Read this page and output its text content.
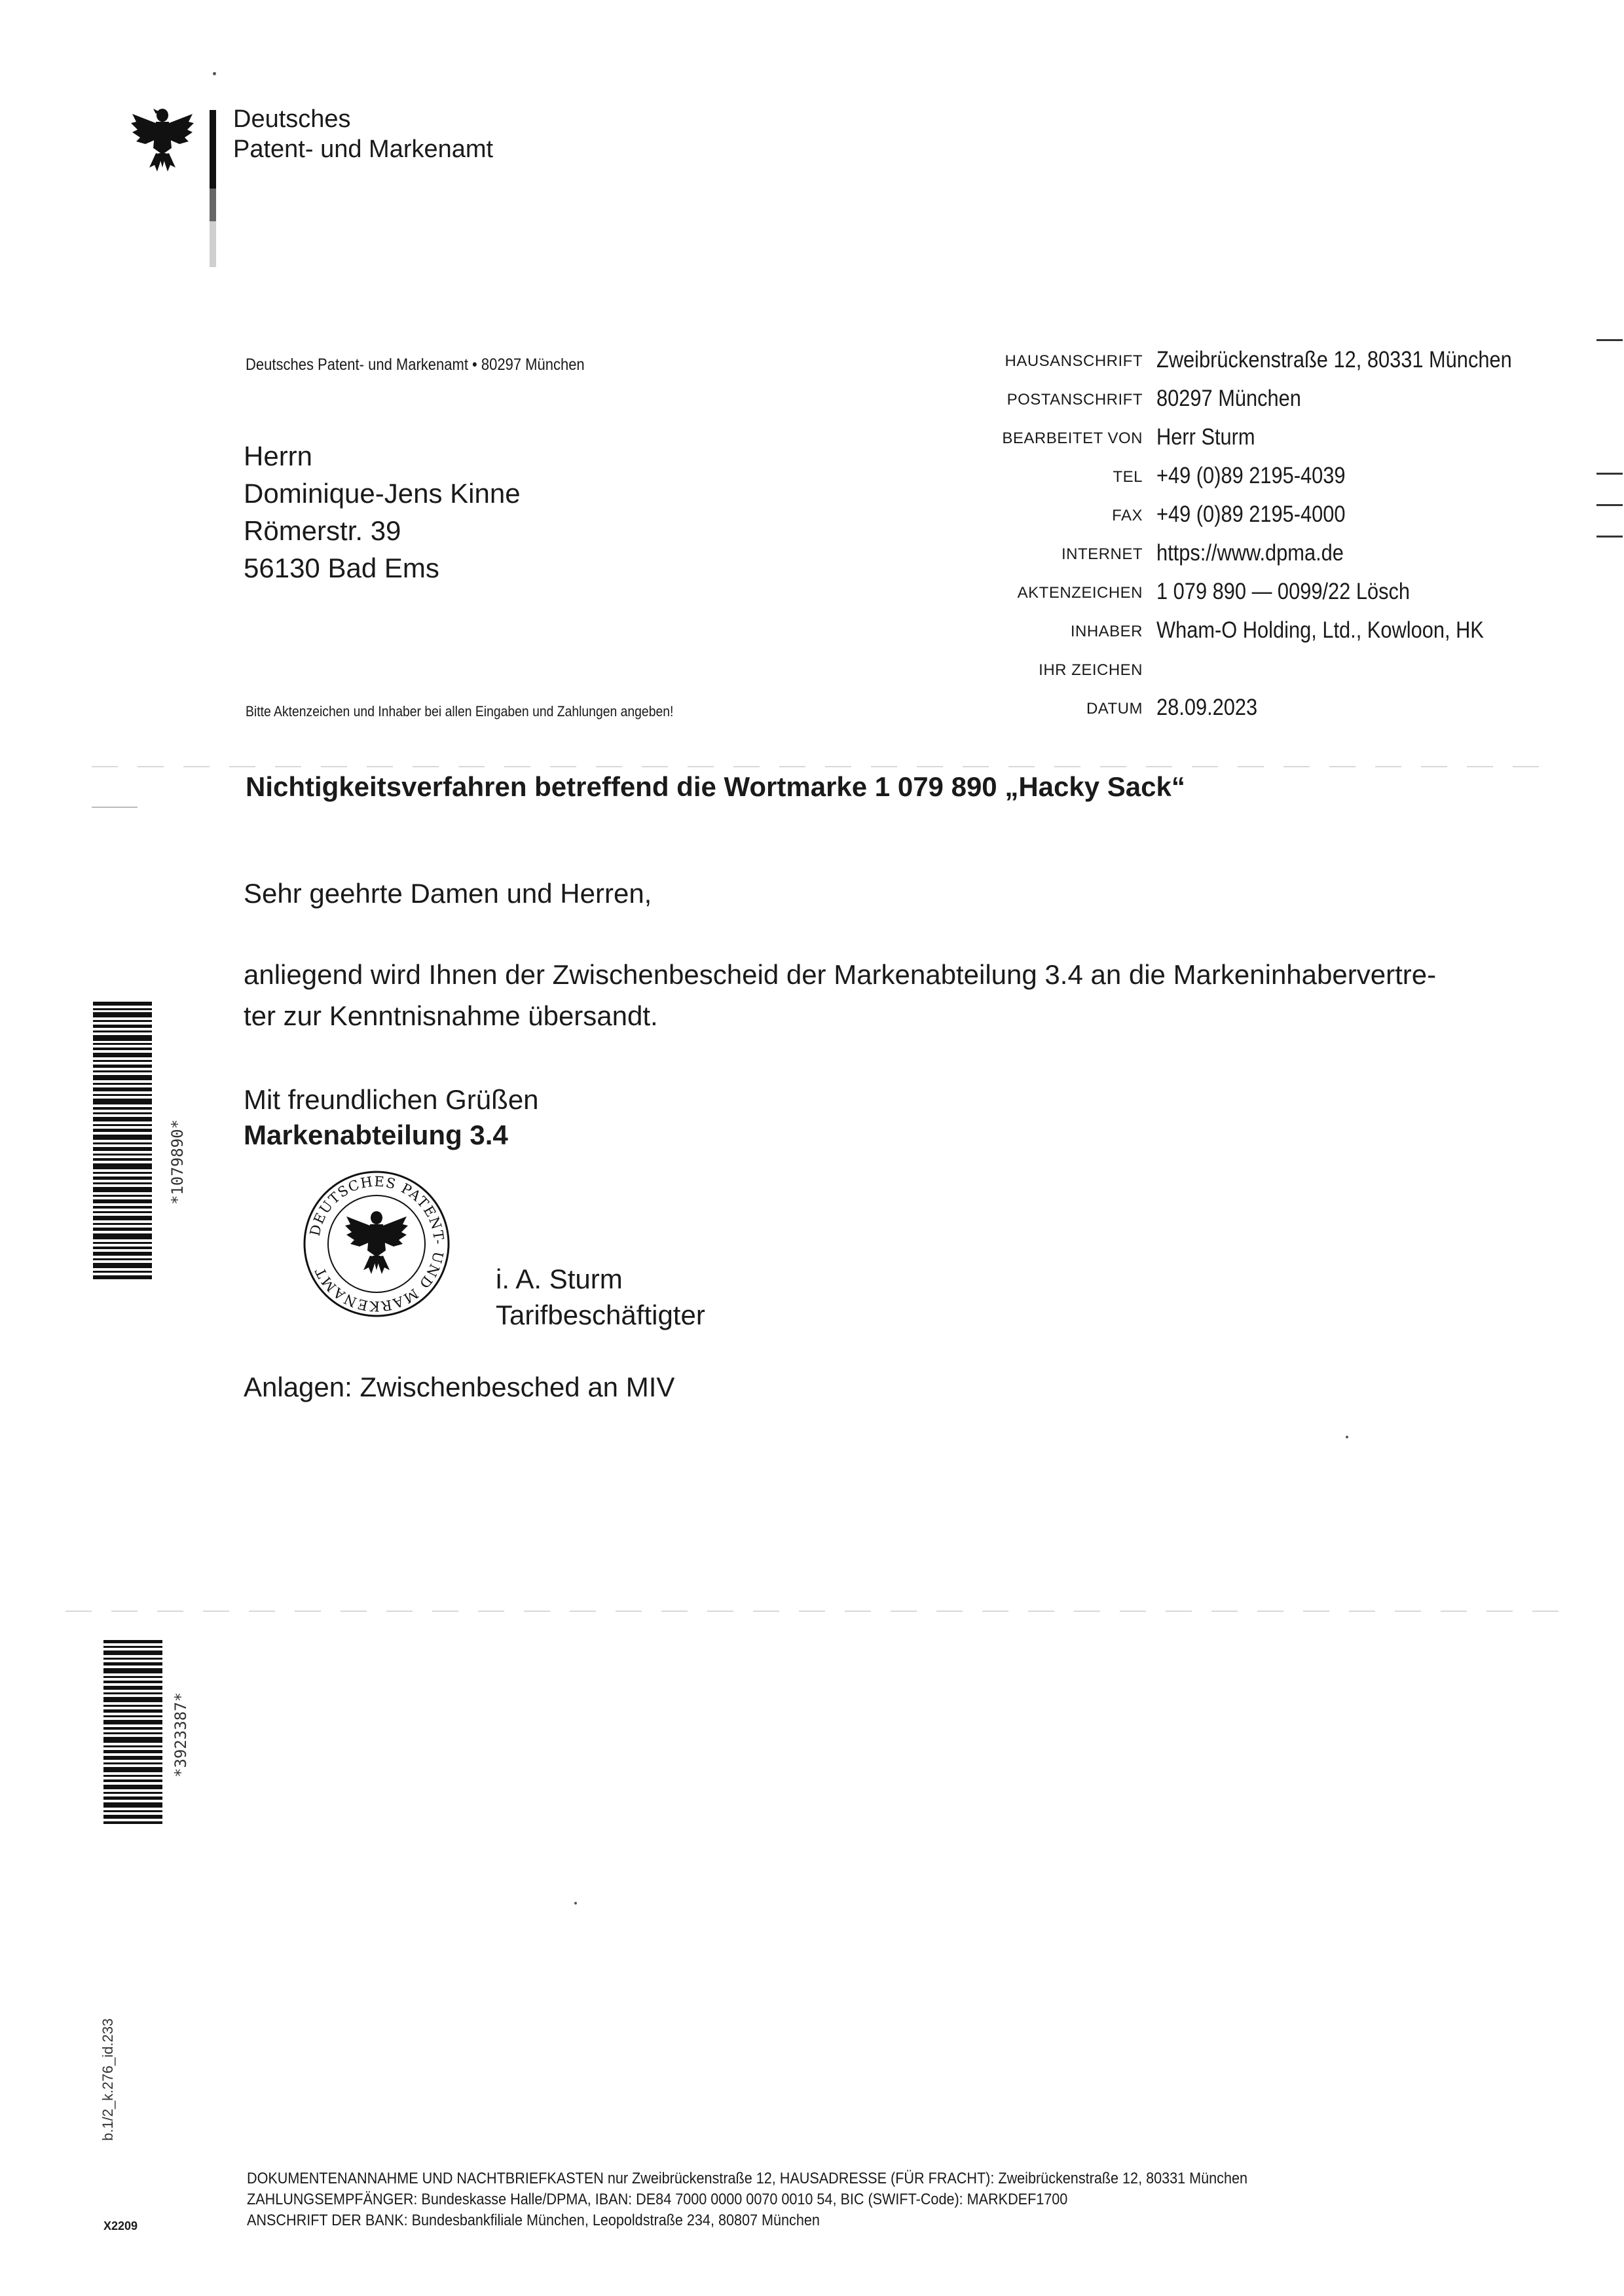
Deutsches
Patent- und Markenamt
Deutsches Patent- und Markenamt • 80297 München
Herrn
Dominique-Jens Kinne
Römerstr. 39
56130 Bad Ems
HAUSANSCHRIFT Zweibrückenstraße 12, 80331 München
POSTANSCHRIFT 80297 München
BEARBEITET VON Herr Sturm
TEL +49 (0)89 2195-4039
FAX +49 (0)89 2195-4000
INTERNET https://www.dpma.de
AKTENZEICHEN 1 079 890 — 0099/22 Lösch
INHABER Wham-O Holding, Ltd., Kowloon, HK
IHR ZEICHEN
DATUM 28.09.2023
Bitte Aktenzeichen und Inhaber bei allen Eingaben und Zahlungen angeben!
Nichtigkeitsverfahren betreffend die Wortmarke 1 079 890 „Hacky Sack“
Sehr geehrte Damen und Herren,
anliegend wird Ihnen der Zwischenbescheid der Markenabteilung 3.4 an die Markeninhabervertre-
ter zur Kenntnisnahme übersandt.
Mit freundlichen Grüßen
Markenabteilung 3.4
DEUTSCHES PATENT- UND MARKENAMT	i. A. Sturm
Tarifbeschäftigter
Anlagen: Zwischenbesched an MIV
*1079890*
*3923387*
b.1/2_k.276_id.233
X2209
DOKUMENTENANNAHME UND NACHTBRIEFKASTEN nur Zweibrückenstraße 12, HAUSADRESSE (FÜR FRACHT): Zweibrückenstraße 12, 80331 München
ZAHLUNGSEMPFÄNGER: Bundeskasse Halle/DPMA, IBAN: DE84 7000 0000 0070 0010 54, BIC (SWIFT-Code): MARKDEF1700
ANSCHRIFT DER BANK: Bundesbankfiliale München, Leopoldstraße 234, 80807 München
